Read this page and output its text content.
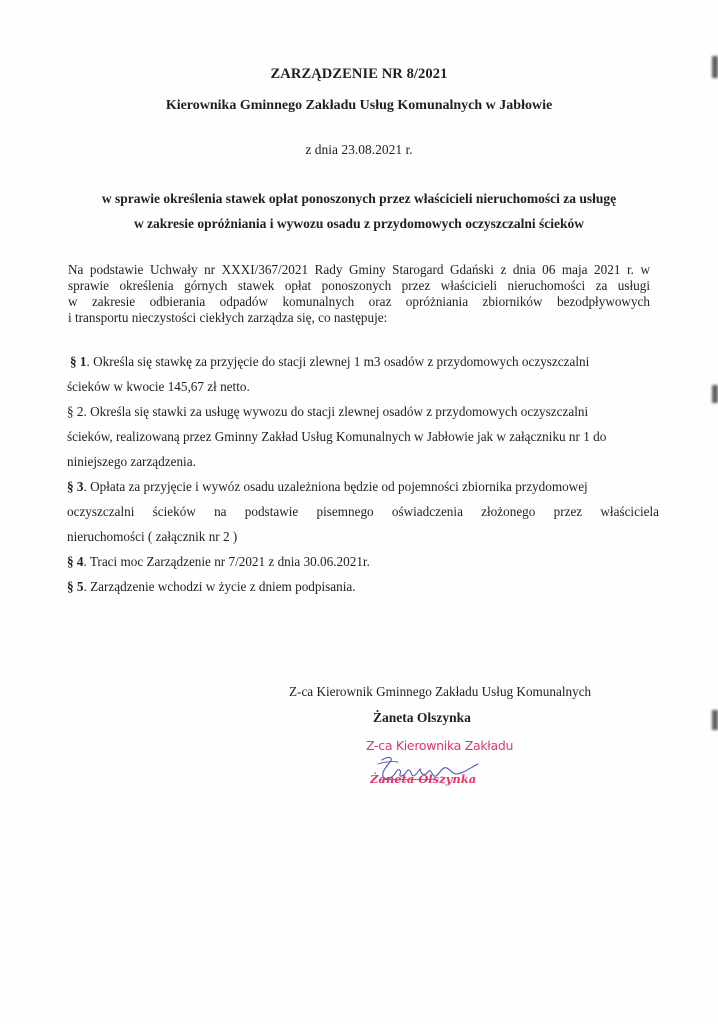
ZARZĄDZENIE NR 8/2021
Kierownika Gminnego Zakładu Usług Komunalnych w Jabłowie
z dnia 23.08.2021 r.
w sprawie określenia stawek opłat ponoszonych przez właścicieli nieruchomości za usługę
w zakresie opróżniania i wywozu osadu z przydomowych oczyszczalni ścieków
Na podstawie Uchwały nr XXXI/367/2021 Rady Gminy Starogard Gdański z dnia 06 maja 2021 r. w
sprawie określenia górnych stawek opłat ponoszonych przez właścicieli nieruchomości za usługi
w zakresie odbierania odpadów komunalnych oraz opróżniania zbiorników bezodpływowych
i transportu nieczystości ciekłych zarządza się, co następuje:
§ 1. Określa się stawkę za przyjęcie do stacji zlewnej 1 m3 osadów z przydomowych oczyszczalni
ścieków w kwocie 145,67 zł netto.
§ 2. Określa się stawki za usługę wywozu do stacji zlewnej osadów z przydomowych oczyszczalni
ścieków, realizowaną przez Gminny Zakład Usług Komunalnych w Jabłowie jak w załączniku nr 1 do
niniejszego zarządzenia.
§ 3. Opłata za przyjęcie i wywóz osadu uzależniona będzie od pojemności zbiornika przydomowej
oczyszczalni ścieków na podstawie pisemnego oświadczenia złożonego przez właściciela
nieruchomości ( załącznik nr 2 )
§ 4. Traci moc Zarządzenie nr 7/2021 z dnia 30.06.2021r.
§ 5. Zarządzenie wchodzi w życie z dniem podpisania.
Z-ca Kierownik Gminnego Zakładu Usług Komunalnych
Żaneta Olszynka
Z-ca Kierownika Zakładu
Żaneta Olszynka
